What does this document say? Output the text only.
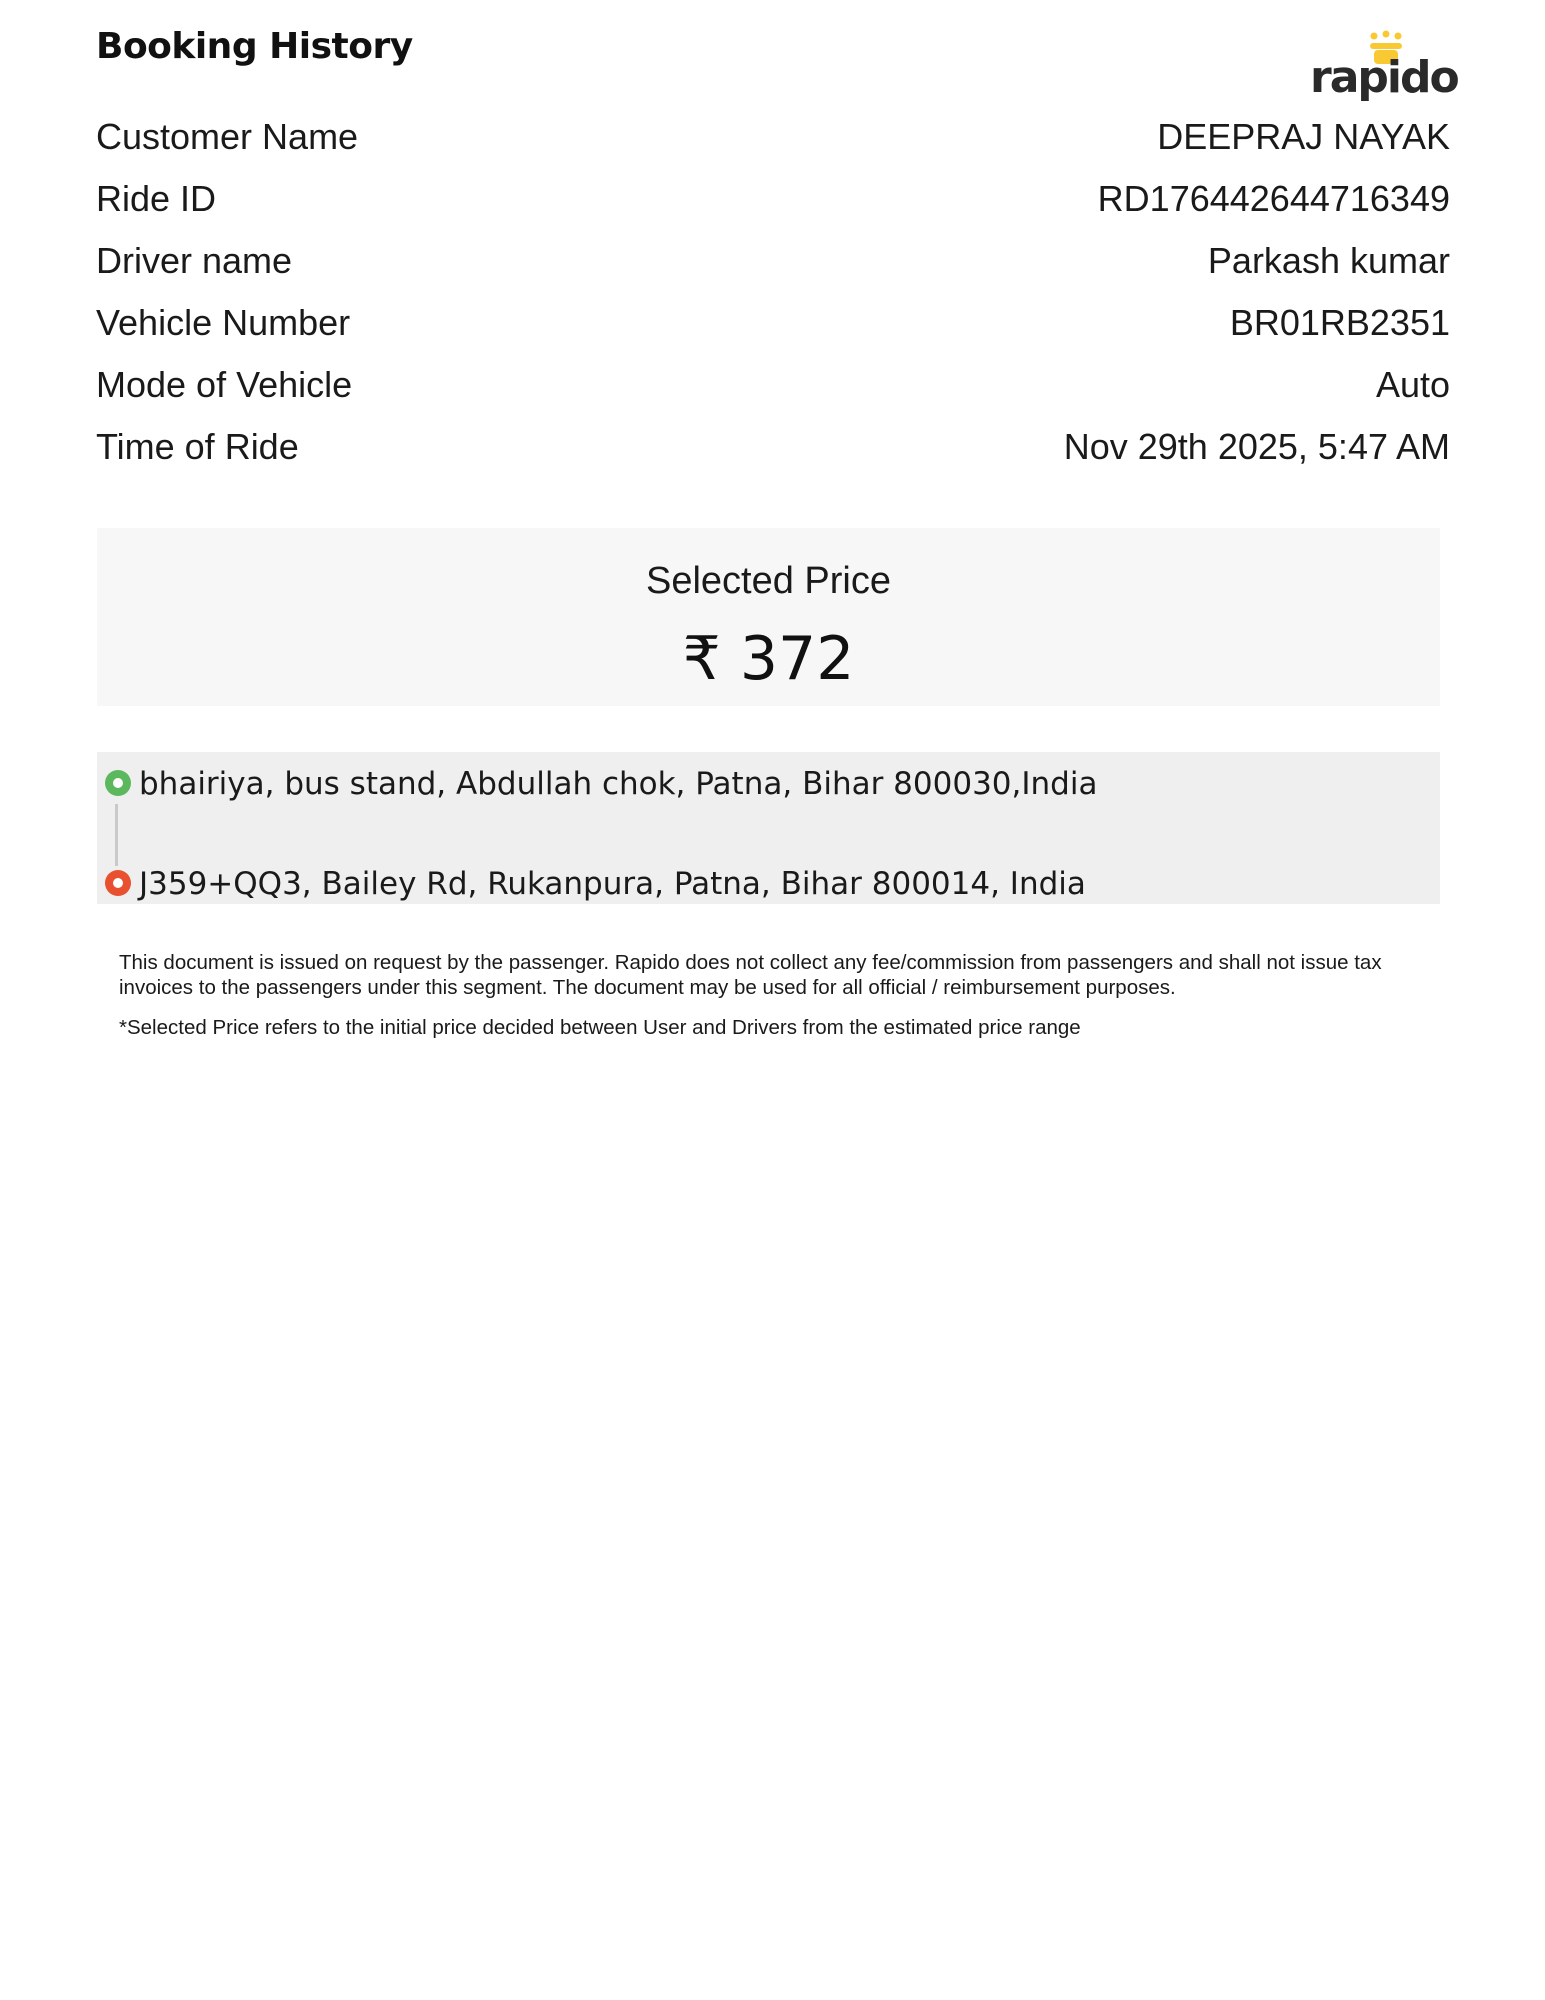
Booking History
rapido
Customer Name	DEEPRAJ NAYAK
Ride ID	RD176442644716349
Driver name	Parkash kumar
Vehicle Number	BR01RB2351
Mode of Vehicle	Auto
Time of Ride	Nov 29th 2025, 5:47 AM
Selected Price
₹ 372
bhairiya, bus stand, Abdullah chok, Patna, Bihar 800030,India
J359+QQ3, Bailey Rd, Rukanpura, Patna, Bihar 800014, India
This document is issued on request by the passenger. Rapido does not collect any fee/commission from passengers and shall not issue tax invoices to the passengers under this segment. The document may be used for all official / reimbursement purposes.
*Selected Price refers to the initial price decided between User and Drivers from the estimated price range
